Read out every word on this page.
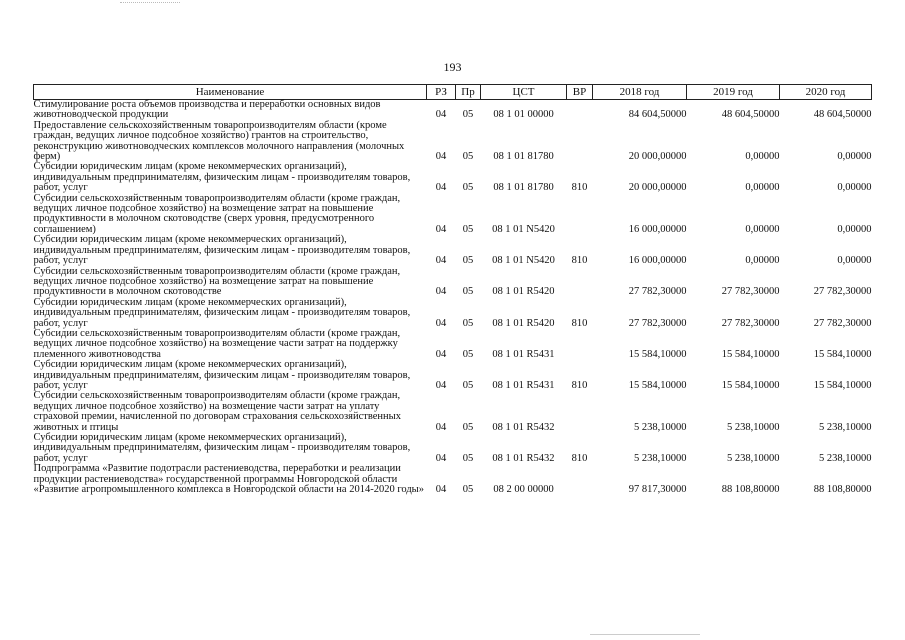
193
Наименование	РЗ	Пр	ЦСТ	ВР	2018 год	2019 год	2020 год
Стимулирование роста объемов производства и переработки основных видов животноводческой продукции	04	05	08 1 01 00000		84 604,50000	48 604,50000	48 604,50000
Предоставление сельскохозяйственным товаропроизводителям области (кроме граждан, ведущих личное подсобное хозяйство) грантов на строительство, реконструкцию животноводческих комплексов молочного направления (молочных ферм)	04	05	08 1 01 81780		20 000,00000	0,00000	0,00000
Субсидии юридическим лицам (кроме некоммерческих организаций), индивидуальным предпринимателям, физическим лицам - производителям товаров, работ, услуг	04	05	08 1 01 81780	810	20 000,00000	0,00000	0,00000
Субсидии сельскохозяйственным товаропроизводителям области (кроме граждан, ведущих личное подсобное хозяйство) на возмещение затрат на повышение продуктивности в молочном скотоводстве (сверх уровня, предусмотренного соглашением)	04	05	08 1 01 N5420		16 000,00000	0,00000	0,00000
Субсидии юридическим лицам (кроме некоммерческих организаций), индивидуальным предпринимателям, физическим лицам - производителям товаров, работ, услуг	04	05	08 1 01 N5420	810	16 000,00000	0,00000	0,00000
Субсидии сельскохозяйственным товаропроизводителям области (кроме граждан, ведущих личное подсобное хозяйство) на возмещение затрат на повышение продуктивности в молочном скотоводстве	04	05	08 1 01 R5420		27 782,30000	27 782,30000	27 782,30000
Субсидии юридическим лицам (кроме некоммерческих организаций), индивидуальным предпринимателям, физическим лицам - производителям товаров, работ, услуг	04	05	08 1 01 R5420	810	27 782,30000	27 782,30000	27 782,30000
Субсидии сельскохозяйственным товаропроизводителям области (кроме граждан, ведущих личное подсобное хозяйство) на возмещение части затрат на поддержку племенного животноводства	04	05	08 1 01 R5431		15 584,10000	15 584,10000	15 584,10000
Субсидии юридическим лицам (кроме некоммерческих организаций), индивидуальным предпринимателям, физическим лицам - производителям товаров, работ, услуг	04	05	08 1 01 R5431	810	15 584,10000	15 584,10000	15 584,10000
Субсидии сельскохозяйственным товаропроизводителям области (кроме граждан, ведущих личное подсобное хозяйство) на возмещение части затрат на уплату страховой премии, начисленной по договорам страхования сельскохозяйственных животных и птицы	04	05	08 1 01 R5432		5 238,10000	5 238,10000	5 238,10000
Субсидии юридическим лицам (кроме некоммерческих организаций), индивидуальным предпринимателям, физическим лицам - производителям товаров, работ, услуг	04	05	08 1 01 R5432	810	5 238,10000	5 238,10000	5 238,10000
Подпрограмма «Развитие подотрасли растениеводства, переработки и реализации продукции растениеводства» государственной программы Новгородской области «Развитие агропромышленного комплекса в Новгородской области на 2014-2020 годы»	04	05	08 2 00 00000		97 817,30000	88 108,80000	88 108,80000
